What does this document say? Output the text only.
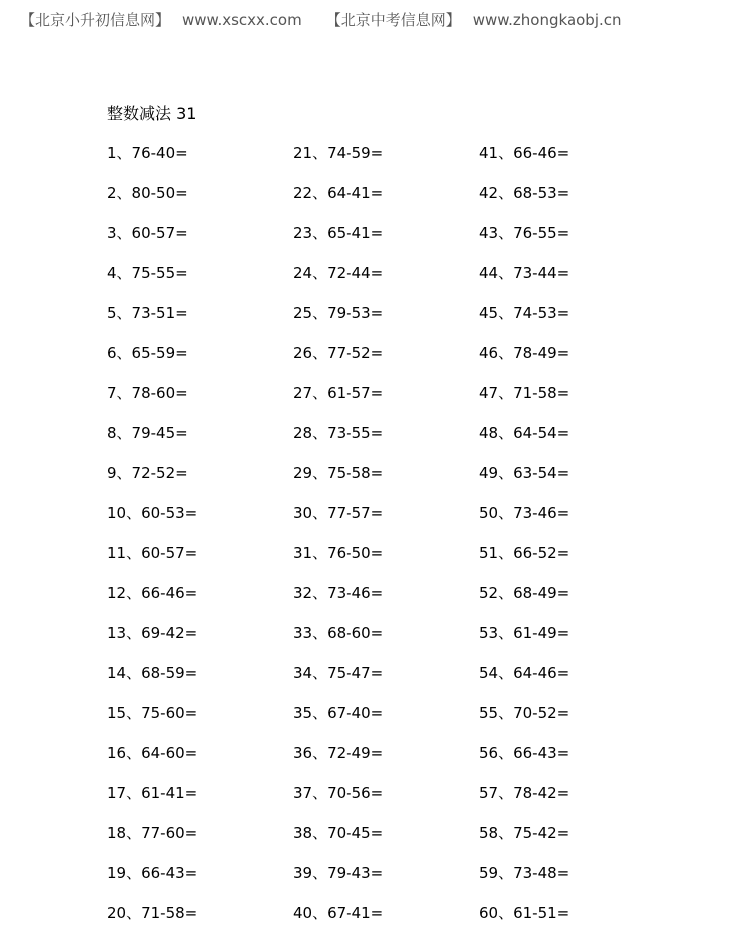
【北京小升初信息网】 www.xscxx.com 【北京中考信息网】 www.zhongkaobj.cn
整数减法 31
1、76-40=
2、80-50=
3、60-57=
4、75-55=
5、73-51=
6、65-59=
7、78-60=
8、79-45=
9、72-52=
10、60-53=
11、60-57=
12、66-46=
13、69-42=
14、68-59=
15、75-60=
16、64-60=
17、61-41=
18、77-60=
19、66-43=
20、71-58=
21、74-59=
22、64-41=
23、65-41=
24、72-44=
25、79-53=
26、77-52=
27、61-57=
28、73-55=
29、75-58=
30、77-57=
31、76-50=
32、73-46=
33、68-60=
34、75-47=
35、67-40=
36、72-49=
37、70-56=
38、70-45=
39、79-43=
40、67-41=
41、66-46=
42、68-53=
43、76-55=
44、73-44=
45、74-53=
46、78-49=
47、71-58=
48、64-54=
49、63-54=
50、73-46=
51、66-52=
52、68-49=
53、61-49=
54、64-46=
55、70-52=
56、66-43=
57、78-42=
58、75-42=
59、73-48=
60、61-51=
